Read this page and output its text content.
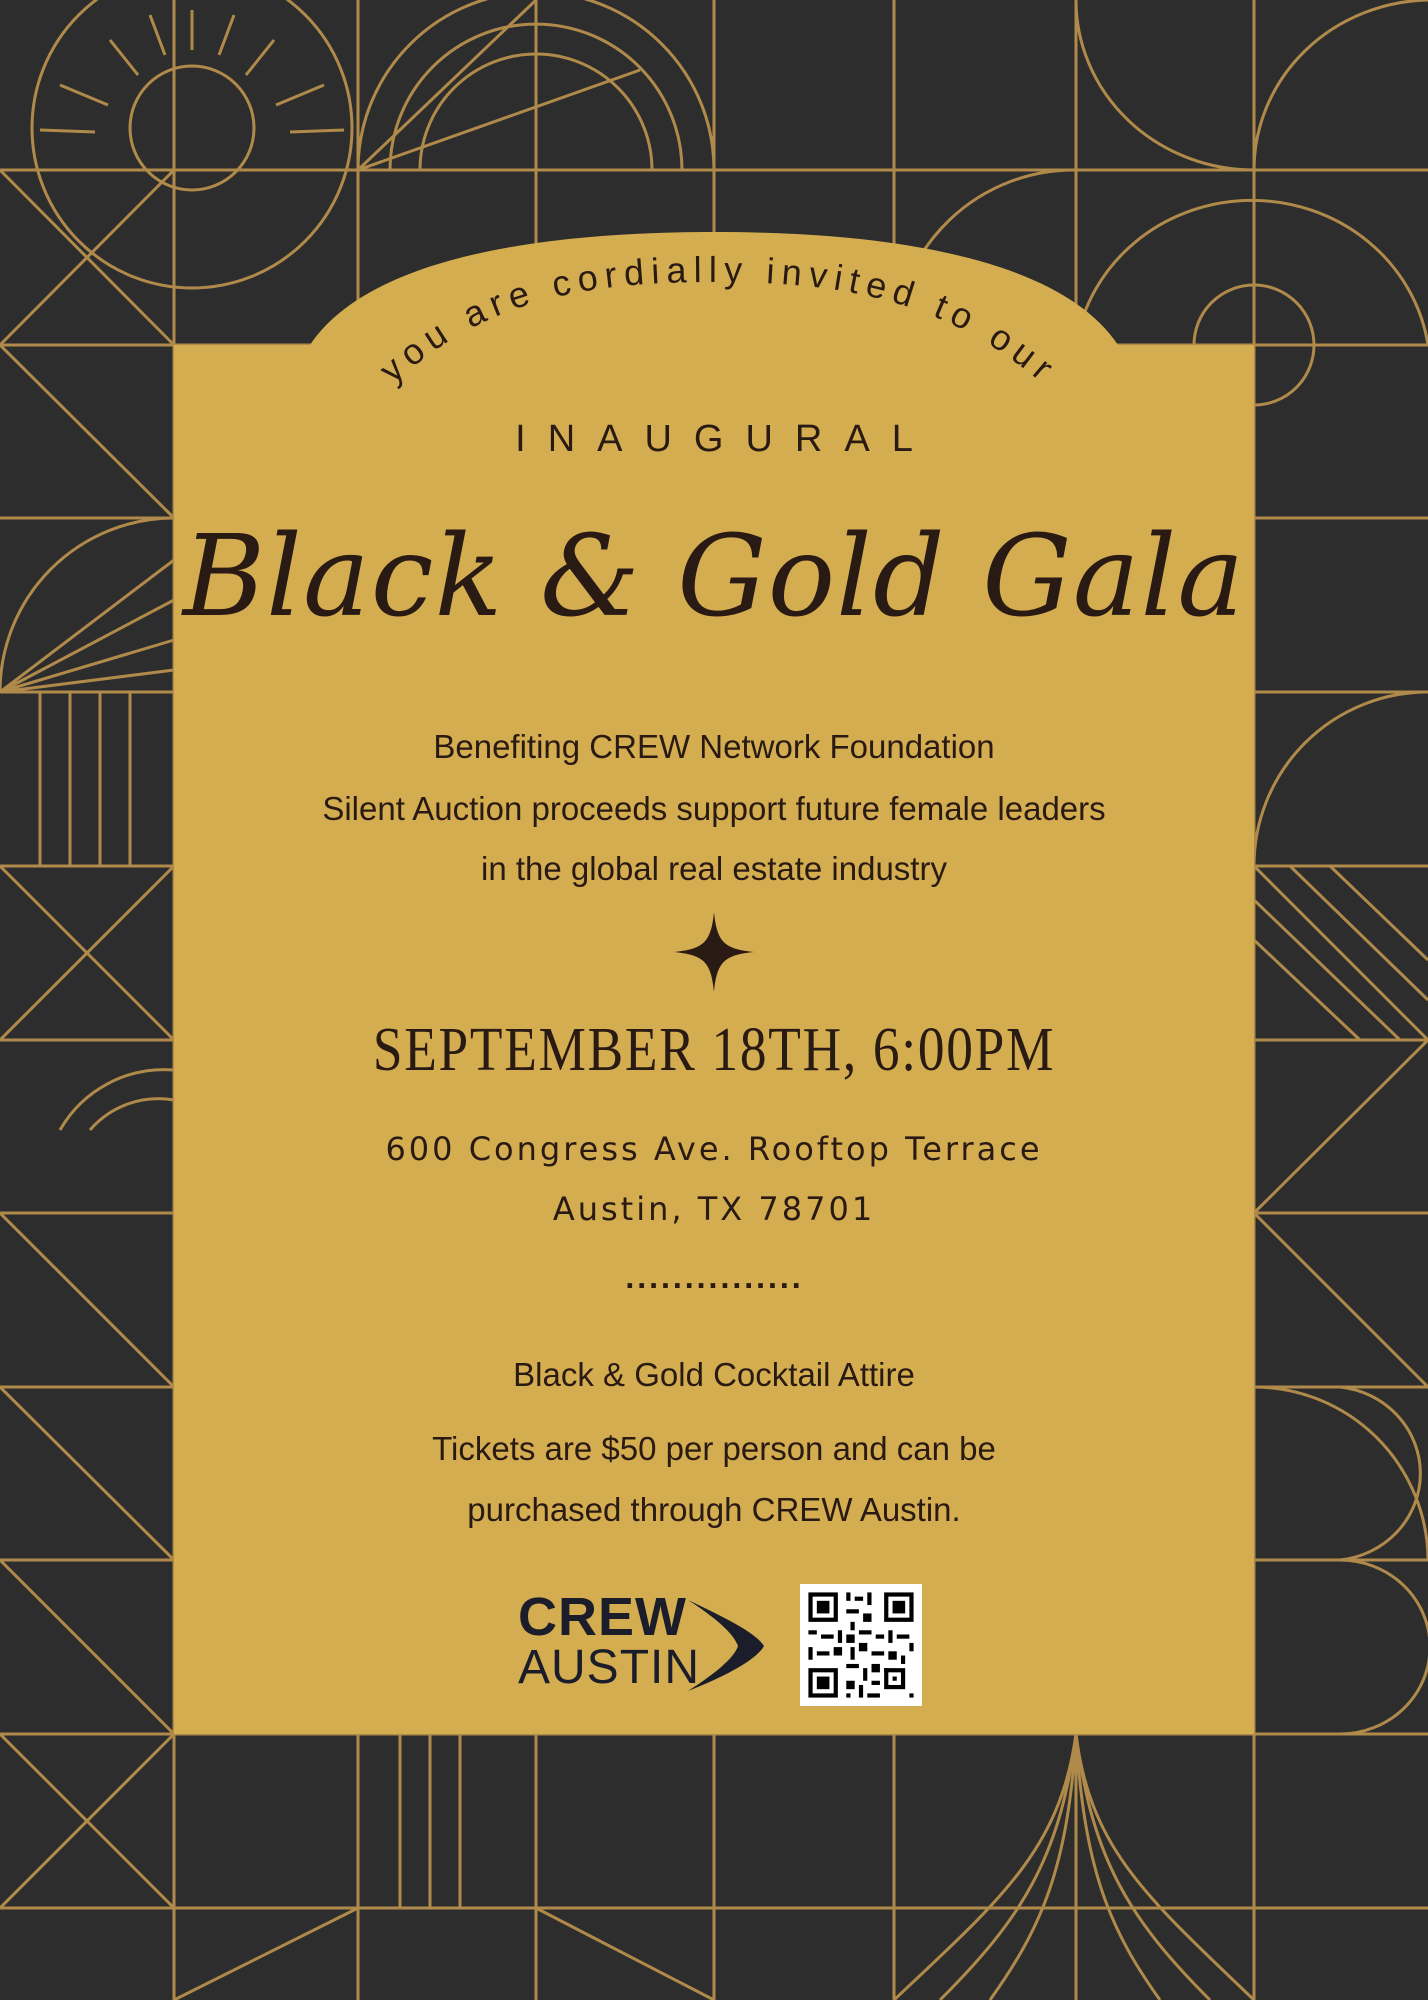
you are cordially invited to our
INAUGURAL
Black & Gold Gala
Benefiting CREW Network Foundation
Silent Auction proceeds support future female leaders
in the global real estate industry
SEPTEMBER 18TH, 6:00PM
600 Congress Ave. Rooftop Terrace
Austin, TX 78701
...............
Black & Gold Cocktail Attire
Tickets are $50 per person and can be
purchased through CREW Austin.
CREW
AUSTIN
